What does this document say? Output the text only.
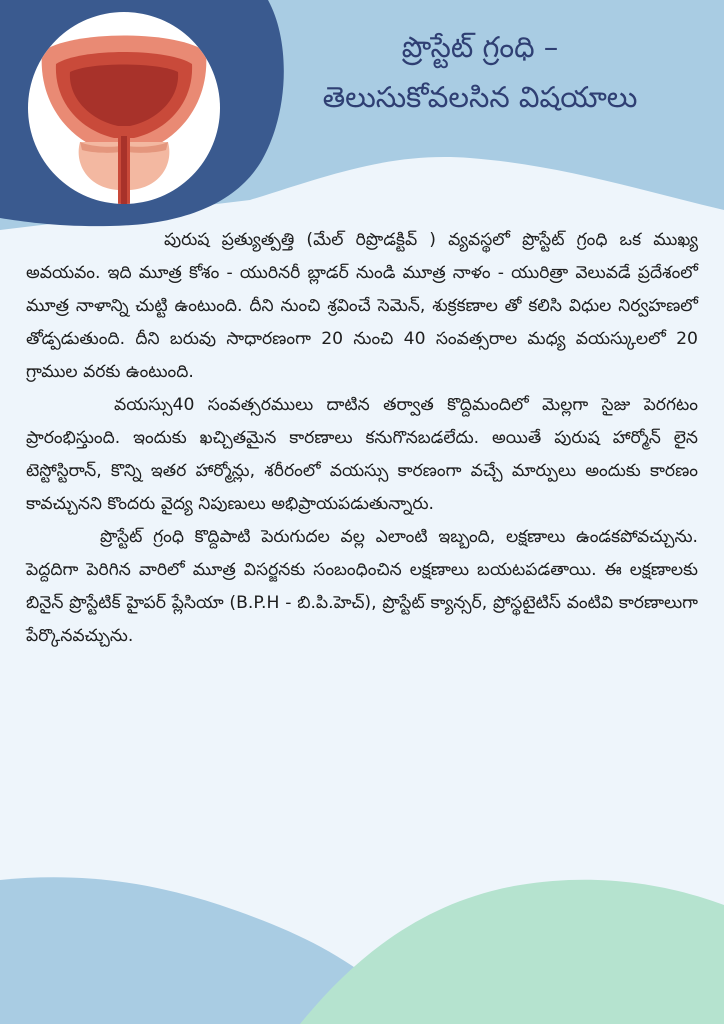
ప్రొస్టేట్ గ్రంధి –
తెలుసుకోవలసిన విషయాలు

పురుష ప్రత్యుత్పత్తి (మేల్ రిప్రొడక్టివ్ ) వ్యవస్థలో ప్రొస్టేట్ గ్రంధి ఒక ముఖ్య అవయవం. ఇది మూత్ర కోశం - యురినరీ బ్లాడర్ నుండి మూత్ర నాళం - యురిత్రా వెలువడే ప్రదేశంలో మూత్ర నాళాన్ని చుట్టి ఉంటుంది. దీని నుంచి శ్రవించే సెమెన్, శుక్రకణాల తో కలిసి విధుల నిర్వహణలో తోడ్పడుతుంది. దీని బరువు సాధారణంగా 20 నుంచి 40 సంవత్సరాల మధ్య వయస్కులలో 20 గ్రాముల వరకు ఉంటుంది.

వయస్సు40 సంవత్సరములు దాటిన తర్వాత కొద్దిమందిలో మెల్లగా సైజు పెరగటం ప్రారంభిస్తుంది. ఇందుకు ఖచ్చితమైన కారణాలు కనుగొనబడలేదు. అయితే పురుష హార్మోన్ లైన టెస్టోస్టిరాన్, కొన్ని ఇతర హార్మోన్లు, శరీరంలో వయస్సు కారణంగా వచ్చే మార్పులు అందుకు కారణం కావచ్చునని కొందరు వైద్య నిపుణులు అభిప్రాయపడుతున్నారు.

ప్రొస్టేట్ గ్రంధి కొద్దిపాటి పెరుగుదల వల్ల ఎలాంటి ఇబ్బంది, లక్షణాలు ఉండకపోవచ్చును. పెద్దదిగా పెరిగిన వారిలో మూత్ర విసర్జనకు సంబంధించిన లక్షణాలు బయటపడతాయి. ఈ లక్షణాలకు బినైన్ ప్రొస్టేటిక్ హైపర్ ప్లేసియా (B.P.H - బి.పి.హెచ్), ప్రొస్టేట్ క్యాన్సర్, ప్రోస్థటైటిస్ వంటివి కారణాలుగా పేర్కొనవచ్చును.
